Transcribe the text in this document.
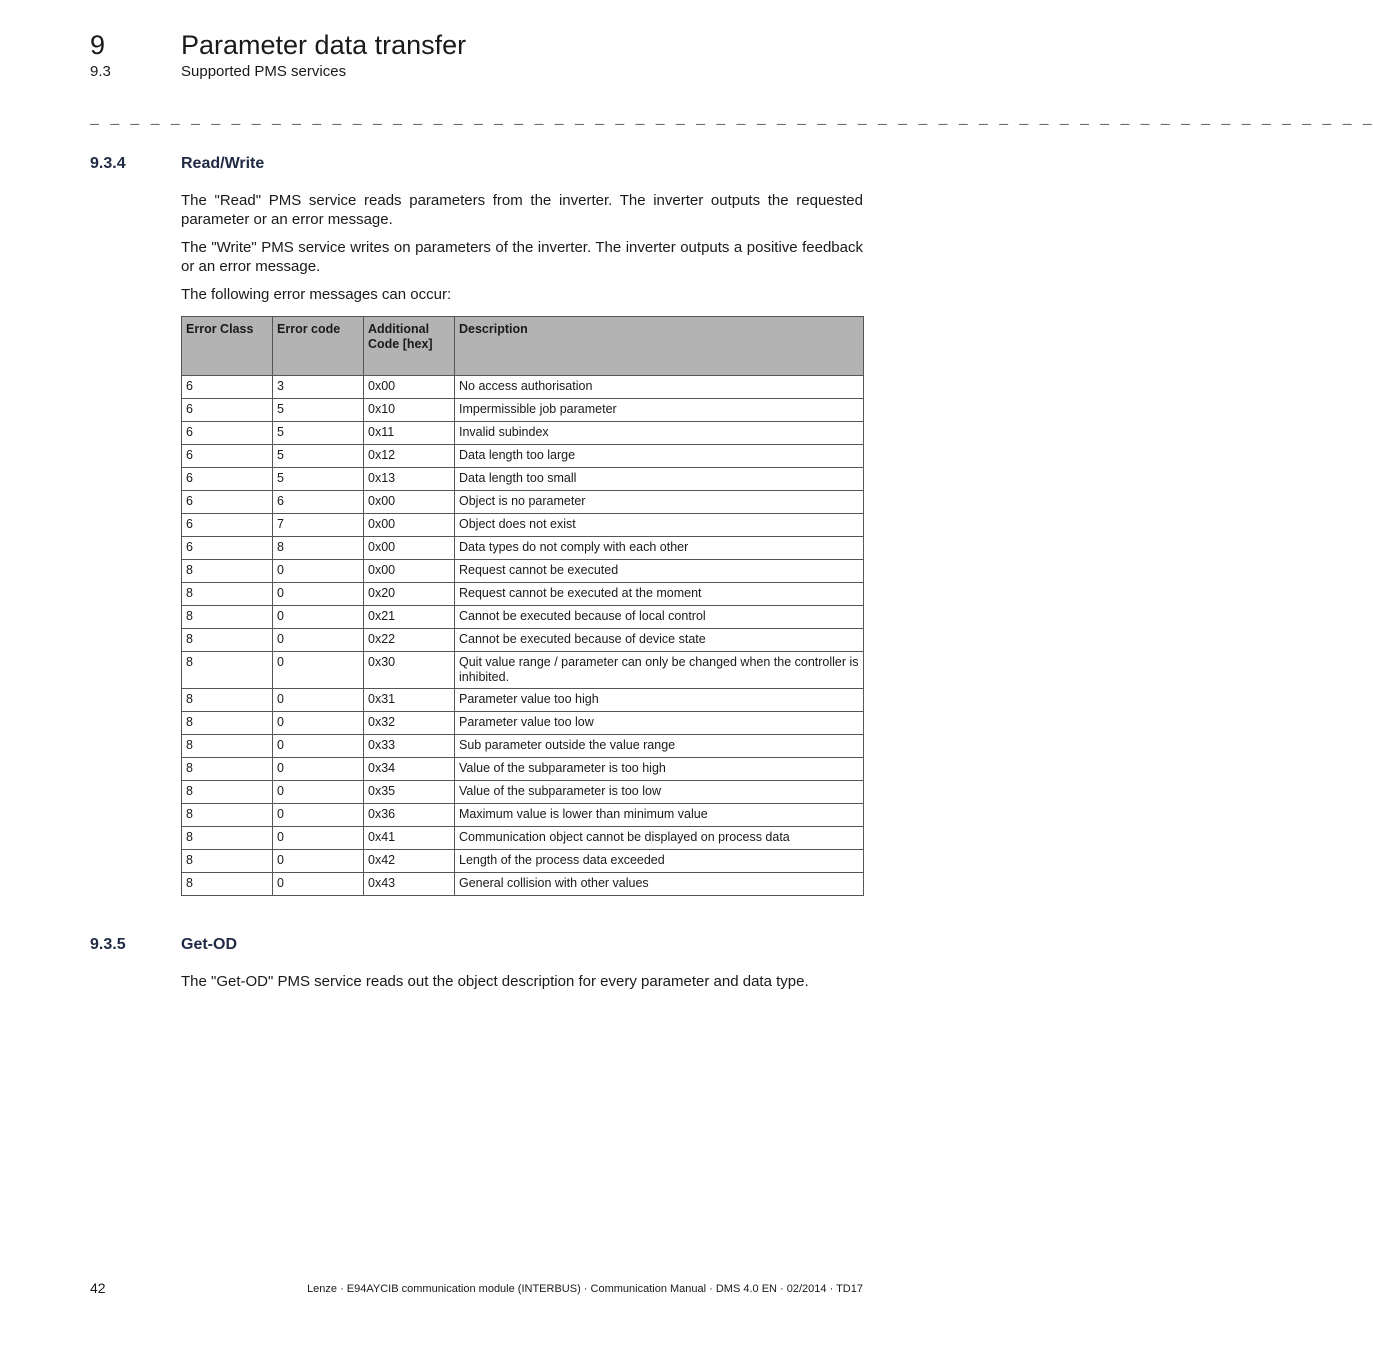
9	Parameter data transfer
9.3	Supported PMS services
_ _ _ _ _ _ _ _ _ _ _ _ _ _ _ _ _ _ _ _ _ _ _ _ _ _ _ _ _ _ _ _ _ _ _ _ _ _ _ _ _ _ _ _ _ _ _ _ _ _ _ _ _ _ _ _ _ _ _ _ _ _ _ _
9.3.4	Read/Write

The "Read" PMS service reads parameters from the inverter. The inverter outputs the requested parameter or an error message.

The "Write" PMS service writes on parameters of the inverter. The inverter outputs a positive feedback or an error message.

The following error messages can occur:

Error Class	Error code	Additional Code [hex]	Description
6	3	0x00	No access authorisation
6	5	0x10	Impermissible job parameter
6	5	0x11	Invalid subindex
6	5	0x12	Data length too large
6	5	0x13	Data length too small
6	6	0x00	Object is no parameter
6	7	0x00	Object does not exist
6	8	0x00	Data types do not comply with each other
8	0	0x00	Request cannot be executed
8	0	0x20	Request cannot be executed at the moment
8	0	0x21	Cannot be executed because of local control
8	0	0x22	Cannot be executed because of device state
8	0	0x30	Quit value range / parameter can only be changed when the controller is inhibited.
8	0	0x31	Parameter value too high
8	0	0x32	Parameter value too low
8	0	0x33	Sub parameter outside the value range
8	0	0x34	Value of the subparameter is too high
8	0	0x35	Value of the subparameter is too low
8	0	0x36	Maximum value is lower than minimum value
8	0	0x41	Communication object cannot be displayed on process data
8	0	0x42	Length of the process data exceeded
8	0	0x43	General collision with other values
9.3.5	Get-OD

The "Get-OD" PMS service reads out the object description for every parameter and data type.

42	Lenze · E94AYCIB communication module (INTERBUS) · Communication Manual · DMS 4.0 EN · 02/2014 · TD17
